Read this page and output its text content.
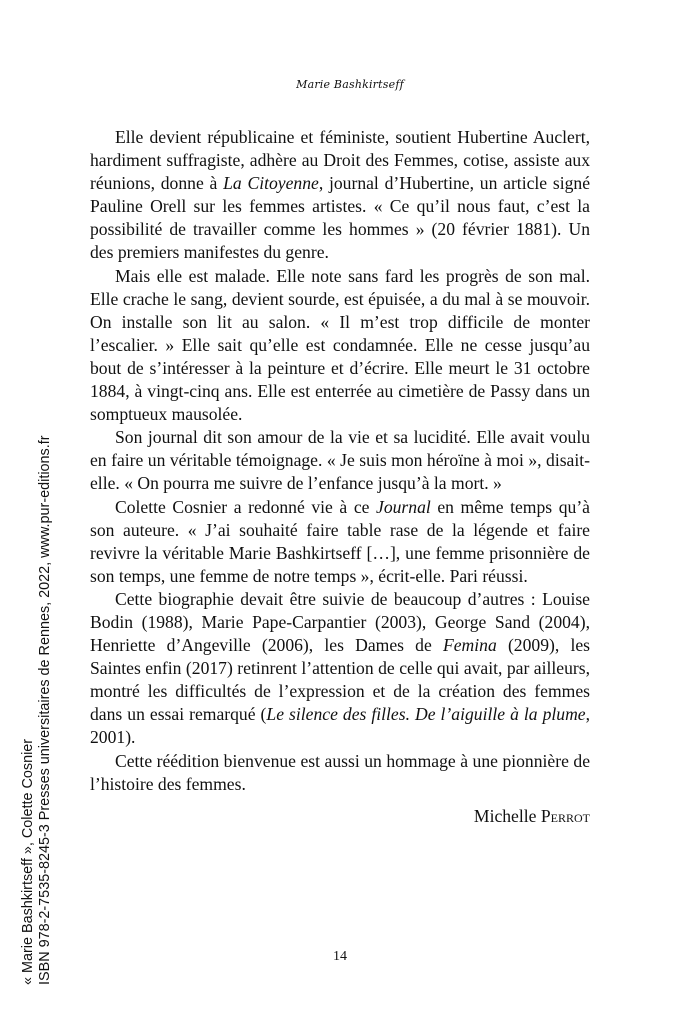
Marie Bashkirtseff

Elle devient républicaine et féministe, soutient Hubertine Auclert, hardiment suffragiste, adhère au Droit des Femmes, cotise, assiste aux réunions, donne à La Citoyenne, journal d’Hubertine, un article signé Pauline Orell sur les femmes artistes. « Ce qu’il nous faut, c’est la possibilité de travailler comme les hommes » (20 février 1881). Un des premiers manifestes du genre.

Mais elle est malade. Elle note sans fard les progrès de son mal. Elle crache le sang, devient sourde, est épuisée, a du mal à se mouvoir. On installe son lit au salon. « Il m’est trop difficile de monter l’escalier. » Elle sait qu’elle est condamnée. Elle ne cesse jusqu’au bout de s’intéresser à la peinture et d’écrire. Elle meurt le 31 octobre 1884, à vingt-cinq ans. Elle est enterrée au cimetière de Passy dans un somptueux mausolée.

Son journal dit son amour de la vie et sa lucidité. Elle avait voulu en faire un véritable témoignage. « Je suis mon héroïne à moi », disait-elle. « On pourra me suivre de l’enfance jusqu’à la mort. »

Colette Cosnier a redonné vie à ce Journal en même temps qu’à son auteure. « J’ai souhaité faire table rase de la légende et faire revivre la véritable Marie Bashkirtseff […], une femme prisonnière de son temps, une femme de notre temps », écrit-elle. Pari réussi.

Cette biographie devait être suivie de beaucoup d’autres : Louise Bodin (1988), Marie Pape-Carpantier (2003), George Sand (2004), Henriette d’Angeville (2006), les Dames de Femina (2009), les Saintes enfin (2017) retinrent l’attention de celle qui avait, par ailleurs, montré les difficultés de l’expression et de la création des femmes dans un essai remarqué (Le silence des filles. De l’aiguille à la plume, 2001).

Cette réédition bienvenue est aussi un hommage à une pionnière de l’histoire des femmes.

Michelle Perrot

14
« Marie Bashkirtseff », Colette Cosnier ISBN 978-2-7535-8245-3 Presses universitaires de Rennes, 2022, www.pur-editions.fr
